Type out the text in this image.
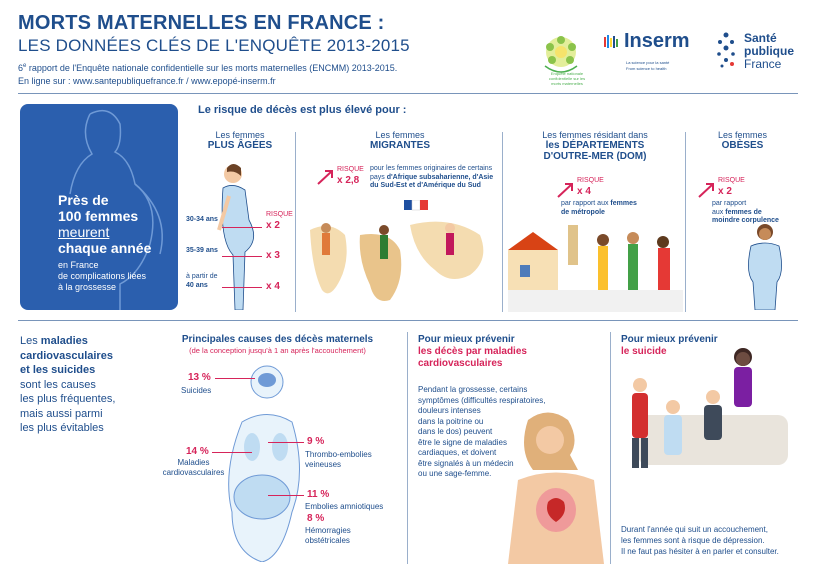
MORTS MATERNELLES EN FRANCE :
LES DONNÉES CLÉS DE L'ENQUÊTE 2013-2015
6e rapport de l'Enquête nationale confidentielle sur les morts maternelles (ENCMM) 2013-2015.
En ligne sur : www.santepubliquefrance.fr / www.epopé-inserm.fr
Enquête nationale confidentielle sur les morts maternelles
Inserm
La science pour la santé
From science to health
Santé
publique
France
Près de
100 femmes
meurent
chaque année
en France
de complications liées
à la grossesse
Le risque de décès est plus élevé pour :
Les femmes
PLUS ÂGÉES
30-34 ans
RISQUE
x 2
35-39 ans	x 3
à partir de
40 ans	x 4
Les femmes
MIGRANTES
RISQUE
x 2,8
pour les femmes originaires de certains pays d'Afrique subsaharienne, d'Asie du Sud-Est et d'Amérique du Sud
Les femmes résidant dans
les DÉPARTEMENTS
D'OUTRE-MER (DOM)
RISQUE
x 4
par rapport aux femmes
de métropole
Les femmes
OBÈSES
RISQUE
x 2
par rapport
aux femmes de moindre corpulence
Les maladies
cardiovasculaires
et les suicides
sont les causes
les plus fréquentes,
mais aussi parmi
les plus évitables
Principales causes des décès maternels
(de la conception jusqu'à 1 an après l'accouchement)
13 %
Suicides
14 %
Maladies
cardiovasculaires
9 %
Thrombo-embolies
veineuses
11 %
Embolies amniotiques
8 %
Hémorragies
obstétricales
Pour mieux prévenir
les décès par maladies
cardiovasculaires
Pendant la grossesse, certains
symptômes (difficultés respiratoires,
douleurs intenses
dans la poitrine ou
dans le dos) peuvent
être le signe de maladies
cardiaques, et doivent
être signalés à un médecin
ou une sage-femme.
Pour mieux prévenir
le suicide
Durant l'année qui suit un accouchement,
les femmes sont à risque de dépression.
Il ne faut pas hésiter à en parler et consulter.
